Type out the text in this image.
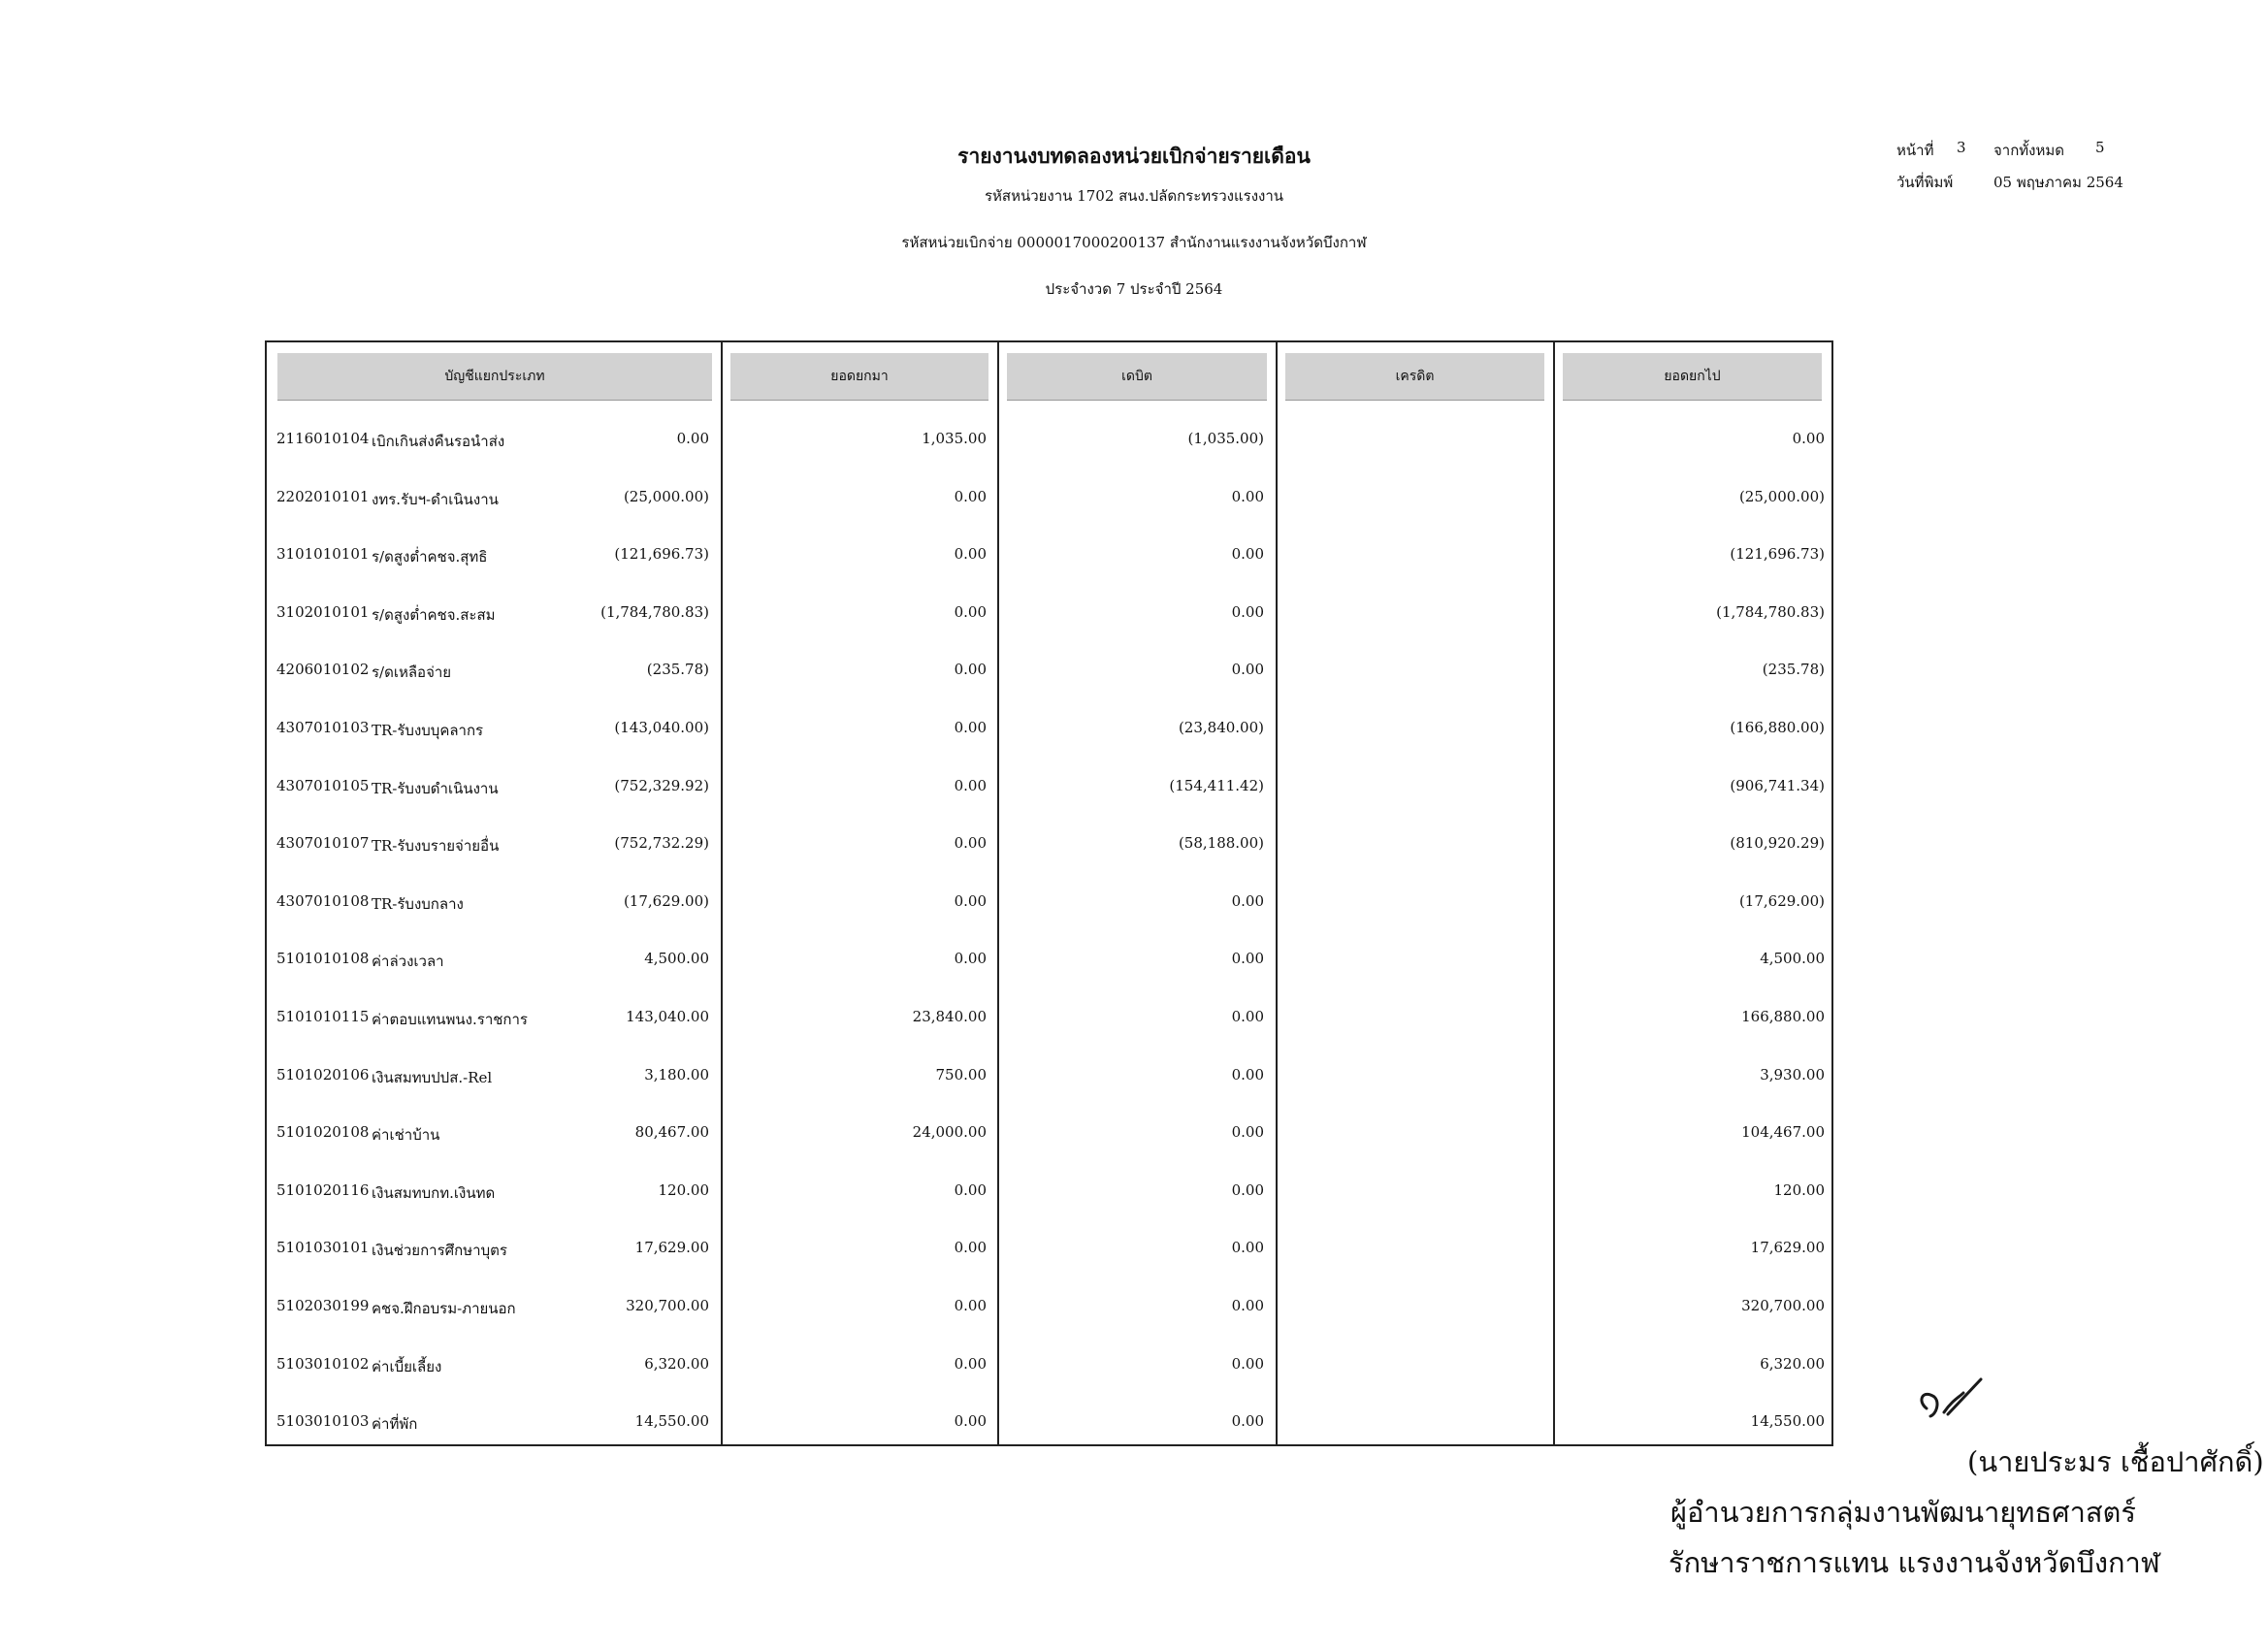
รายงานงบทดลองหน่วยเบิกจ่ายรายเดือน
รหัสหน่วยงาน 1702 สนง.ปลัดกระทรวงแรงงาน
รหัสหน่วยเบิกจ่าย 0000017000200137 สำนักงานแรงงานจังหวัดบึงกาฬ
ประจำงวด 7 ประจำปี 2564
หน้าที่ 3 จากทั้งหมด 5
วันที่พิมพ์	05 พฤษภาคม 2564
บัญชีแยกประเภท	ยอดยกมา	เดบิต	เครดิต	ยอดยกไป
2116010104 เบิกเกินส่งคืนรอนำส่ง	0.00	1,035.00	(1,035.00)	0.00
2202010101 งทร.รับฯ-ดำเนินงาน	(25,000.00)	0.00	0.00	(25,000.00)
3101010101 ร/ดสูงต่ำคชจ.สุทธิ	(121,696.73)	0.00	0.00	(121,696.73)
3102010101 ร/ดสูงต่ำคชจ.สะสม	(1,784,780.83)	0.00	0.00	(1,784,780.83)
4206010102 ร/ดเหลือจ่าย	(235.78)	0.00	0.00	(235.78)
4307010103 TR-รับงบบุคลากร	(143,040.00)	0.00	(23,840.00)	(166,880.00)
4307010105 TR-รับงบดำเนินงาน	(752,329.92)	0.00	(154,411.42)	(906,741.34)
4307010107 TR-รับงบรายจ่ายอื่น	(752,732.29)	0.00	(58,188.00)	(810,920.29)
4307010108 TR-รับงบกลาง	(17,629.00)	0.00	0.00	(17,629.00)
5101010108 ค่าล่วงเวลา	4,500.00	0.00	0.00	4,500.00
5101010115 ค่าตอบแทนพนง.ราชการ	143,040.00	23,840.00	0.00	166,880.00
5101020106 เงินสมทบปปส.-Rel	3,180.00	750.00	0.00	3,930.00
5101020108 ค่าเช่าบ้าน	80,467.00	24,000.00	0.00	104,467.00
5101020116 เงินสมทบกท.เงินทด	120.00	0.00	0.00	120.00
5101030101 เงินช่วยการศึกษาบุตร	17,629.00	0.00	0.00	17,629.00
5102030199 คชจ.ฝึกอบรม-ภายนอก	320,700.00	0.00	0.00	320,700.00
5103010102 ค่าเบี้ยเลี้ยง	6,320.00	0.00	0.00	6,320.00
5103010103 ค่าที่พัก	14,550.00	0.00	0.00	14,550.00
(นายประมร เชื้อปาศักดิ์)
ผู้อำนวยการกลุ่มงานพัฒนายุทธศาสตร์
รักษาราชการแทน แรงงานจังหวัดบึงกาฬ
